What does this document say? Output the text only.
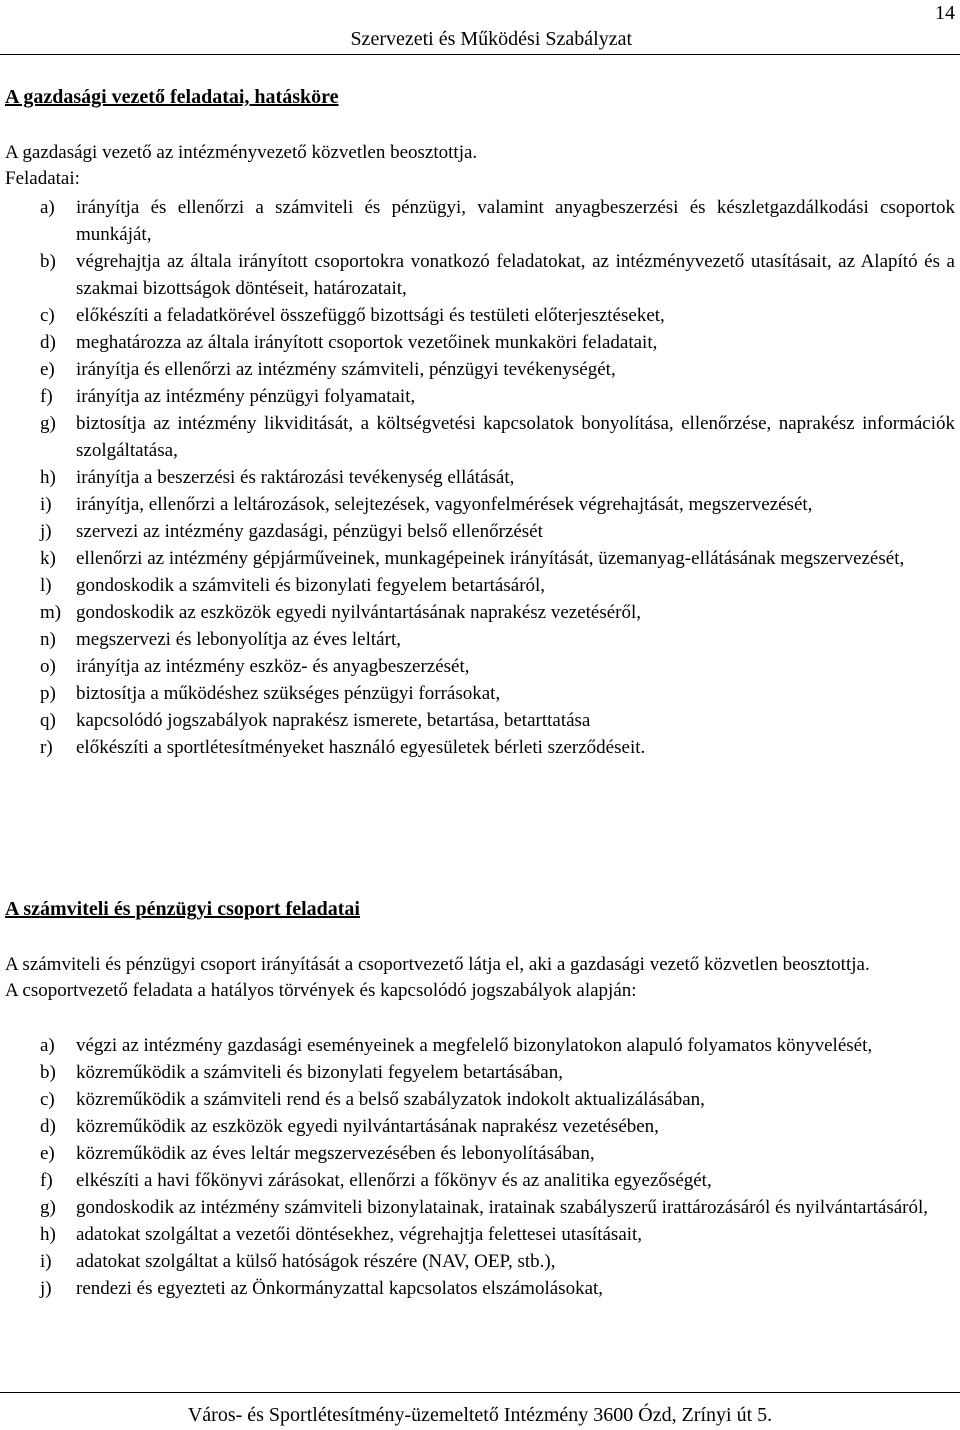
14
Szervezeti és Működési Szabályzat
A gazdasági vezető feladatai, hatásköre
A gazdasági vezető az intézményvezető közvetlen beosztottja.
Feladatai:
a) irányítja és ellenőrzi a számviteli és pénzügyi, valamint anyagbeszerzési és készletgazdálkodási csoportok munkáját,
b) végrehajtja az általa irányított csoportokra vonatkozó feladatokat, az intézményvezető utasításait, az Alapító és a szakmai bizottságok döntéseit, határozatait,
c) előkészíti a feladatkörével összefüggő bizottsági és testületi előterjesztéseket,
d) meghatározza az általa irányított csoportok vezetőinek munkaköri feladatait,
e) irányítja és ellenőrzi az intézmény számviteli, pénzügyi tevékenységét,
f) irányítja az intézmény pénzügyi folyamatait,
g) biztosítja az intézmény likviditását, a költségvetési kapcsolatok bonyolítása, ellenőrzése, naprakész információk szolgáltatása,
h) irányítja a beszerzési és raktározási tevékenység ellátását,
i) irányítja, ellenőrzi a leltározások, selejtezések, vagyonfelmérések végrehajtását, megszervezését,
j) szervezi az intézmény gazdasági, pénzügyi belső ellenőrzését
k) ellenőrzi az intézmény gépjárműveinek, munkagépeinek irányítását, üzemanyag-ellátásának megszervezését,
l) gondoskodik a számviteli és bizonylati fegyelem betartásáról,
m) gondoskodik az eszközök egyedi nyilvántartásának naprakész vezetéséről,
n) megszervezi és lebonyolítja az éves leltárt,
o) irányítja az intézmény eszköz- és anyagbeszerzését,
p) biztosítja a működéshez szükséges pénzügyi forrásokat,
q) kapcsolódó jogszabályok naprakész ismerete, betartása, betarttatása
r) előkészíti a sportlétesítményeket használó egyesületek bérleti szerződéseit.
A számviteli és pénzügyi csoport feladatai
A számviteli és pénzügyi csoport irányítását a csoportvezető látja el, aki a gazdasági vezető közvetlen beosztottja.
A csoportvezető feladata a hatályos törvények és kapcsolódó jogszabályok alapján:
a) végzi az intézmény gazdasági eseményeinek a megfelelő bizonylatokon alapuló folyamatos könyvelését,
b) közreműködik a számviteli és bizonylati fegyelem betartásában,
c) közreműködik a számviteli rend és a belső szabályzatok indokolt aktualizálásában,
d) közreműködik az eszközök egyedi nyilvántartásának naprakész vezetésében,
e) közreműködik az éves leltár megszervezésében és lebonyolításában,
f) elkészíti a havi főkönyvi zárásokat, ellenőrzi a főkönyv és az analitika egyezőségét,
g) gondoskodik az intézmény számviteli bizonylatainak, iratainak szabályszerű irattározásáról és nyilvántartásáról,
h) adatokat szolgáltat a vezetői döntésekhez, végrehajtja felettesei utasításait,
i) adatokat szolgáltat a külső hatóságok részére (NAV, OEP, stb.),
j) rendezi és egyezteti az Önkormányzattal kapcsolatos elszámolásokat,
Város- és Sportlétesítmény-üzemeltető Intézmény 3600 Ózd, Zrínyi út 5.
